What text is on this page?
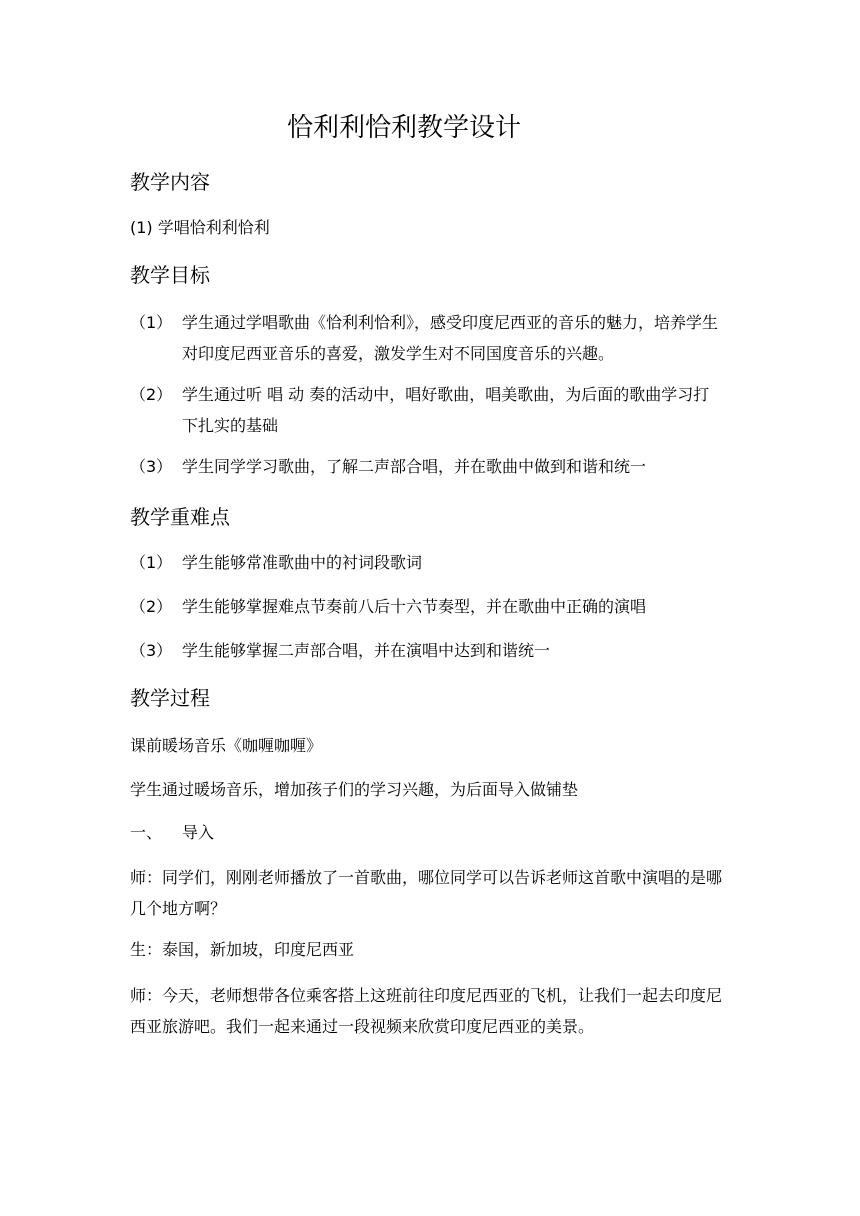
恰利利恰利教学设计
教学内容
(1) 学唱恰利利恰利
教学目标
（1） 学生通过学唱歌曲《恰利利恰利》，感受印度尼西亚的音乐的魅力，培养学生对印度尼西亚音乐的喜爱，激发学生对不同国度音乐的兴趣。
（2） 学生通过听 唱 动 奏的活动中，唱好歌曲，唱美歌曲，为后面的歌曲学习打下扎实的基础
（3） 学生同学学习歌曲，了解二声部合唱，并在歌曲中做到和谐和统一
教学重难点
（1） 学生能够常准歌曲中的衬词段歌词
（2） 学生能够掌握难点节奏前八后十六节奏型，并在歌曲中正确的演唱
（3） 学生能够掌握二声部合唱，并在演唱中达到和谐统一
教学过程
课前暖场音乐《咖喱咖喱》
学生通过暖场音乐，增加孩子们的学习兴趣，为后面导入做铺垫
一、 导入
师：同学们，刚刚老师播放了一首歌曲，哪位同学可以告诉老师这首歌中演唱的是哪几个地方啊？
生：泰国，新加坡，印度尼西亚
师：今天，老师想带各位乘客搭上这班前往印度尼西亚的飞机，让我们一起去印度尼西亚旅游吧。我们一起来通过一段视频来欣赏印度尼西亚的美景。
